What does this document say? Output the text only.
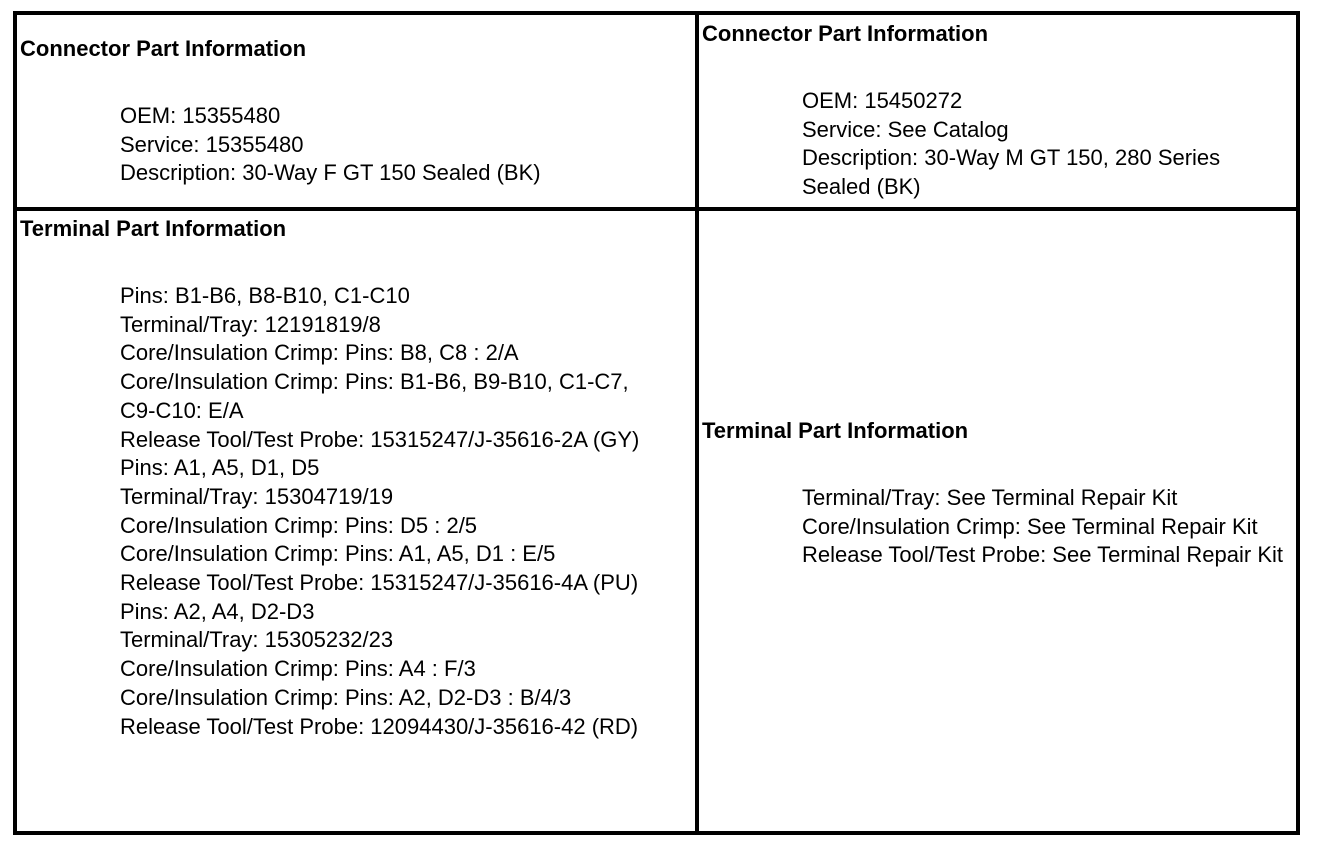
Connector Part Information
OEM: 15355480
Service: 15355480
Description: 30-Way F GT 150 Sealed (BK)
Connector Part Information
OEM: 15450272
Service: See Catalog
Description: 30-Way M GT 150, 280 Series Sealed (BK)
Terminal Part Information
Pins: B1-B6, B8-B10, C1-C10
Terminal/Tray: 12191819/8
Core/Insulation Crimp: Pins: B8, C8 : 2/A
Core/Insulation Crimp: Pins: B1-B6, B9-B10, C1-C7, C9-C10: E/A
Release Tool/Test Probe: 15315247/J-35616-2A (GY)
Pins: A1, A5, D1, D5
Terminal/Tray: 15304719/19
Core/Insulation Crimp: Pins: D5 : 2/5
Core/Insulation Crimp: Pins: A1, A5, D1 : E/5
Release Tool/Test Probe: 15315247/J-35616-4A (PU)
Pins: A2, A4, D2-D3
Terminal/Tray: 15305232/23
Core/Insulation Crimp: Pins: A4 : F/3
Core/Insulation Crimp: Pins: A2, D2-D3 : B/4/3
Release Tool/Test Probe: 12094430/J-35616-42 (RD)
Terminal Part Information
Terminal/Tray: See Terminal Repair Kit
Core/Insulation Crimp: See Terminal Repair Kit
Release Tool/Test Probe: See Terminal Repair Kit
